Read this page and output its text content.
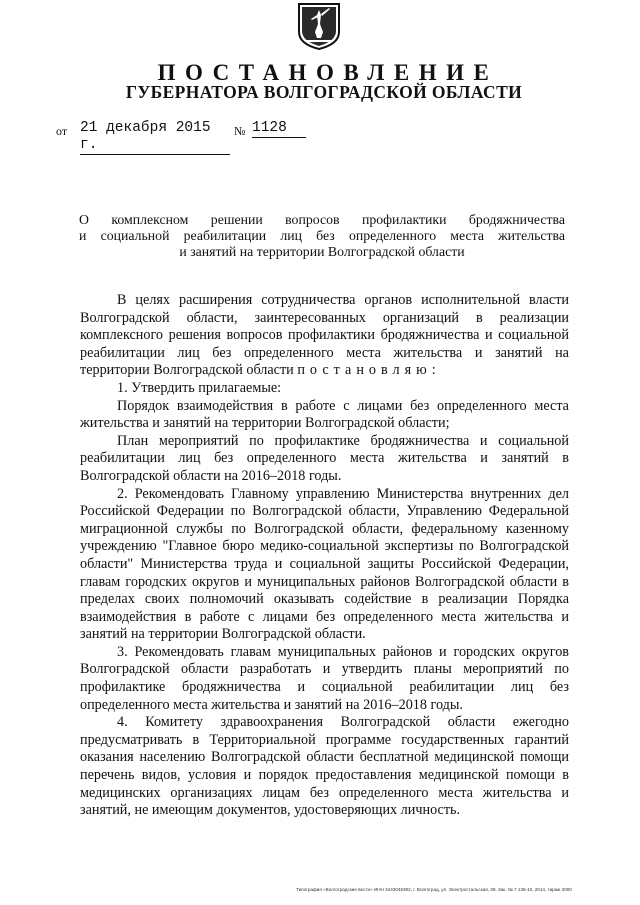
ПОСТАНОВЛЕНИЕ
ГУБЕРНАТОРА ВОЛГОГРАДСКОЙ ОБЛАСТИ
от 21 декабря 2015 г.
№ 1128
О комплексном решении вопросов профилактики бродяжничества
и социальной реабилитации лиц без определенного места жительства
и занятий на территории Волгоградской области

В целях расширения сотрудничества органов исполнительной власти Волгоградской области, заинтересованных организаций в реализации комплексного решения вопросов профилактики бродяжничества и социальной реабилитации лиц без определенного места жительства и занятий на территории Волгоградской области постановляю:

1. Утвердить прилагаемые:

Порядок взаимодействия в работе с лицами без определенного места жительства и занятий на территории Волгоградской области;

План мероприятий по профилактике бродяжничества и социальной реабилитации лиц без определенного места жительства и занятий в Волгоградской области на 2016–2018 годы.

2. Рекомендовать Главному управлению Министерства внутренних дел Российской Федерации по Волгоградской области, Управлению Федеральной миграционной службы по Волгоградской области, федеральному казенному учреждению "Главное бюро медико-социальной экспертизы по Волгоградской области" Министерства труда и социальной защиты Российской Федерации, главам городских округов и муниципальных районов Волгоградской области в пределах своих полномочий оказывать содействие в реализации Порядка взаимодействия в работе с лицами без определенного места жительства и занятий на территории Волгоградской области.

3. Рекомендовать главам муниципальных районов и городских округов Волгоградской области разработать и утвердить планы мероприятий по профилактике бродяжничества и социальной реабилитации лиц без определенного места жительства и занятий на 2016–2018 годы.

4. Комитету здравоохранения Волгоградской области ежегодно предусматривать в Территориальной программе государственных гарантий оказания населению Волгоградской области бесплатной медицинской помощи перечень видов, условия и порядок предоставления медицинской помощи в медицинских организациях лицам без определенного места жительства и занятий, не имеющим документов, удостоверяющих личность.

Типография «Волгоградские вести» ИНН 3443046392, г. Волгоград, ул. Электростальская, 39. Зак. № 7 136-10, 2014, тираж 2000
